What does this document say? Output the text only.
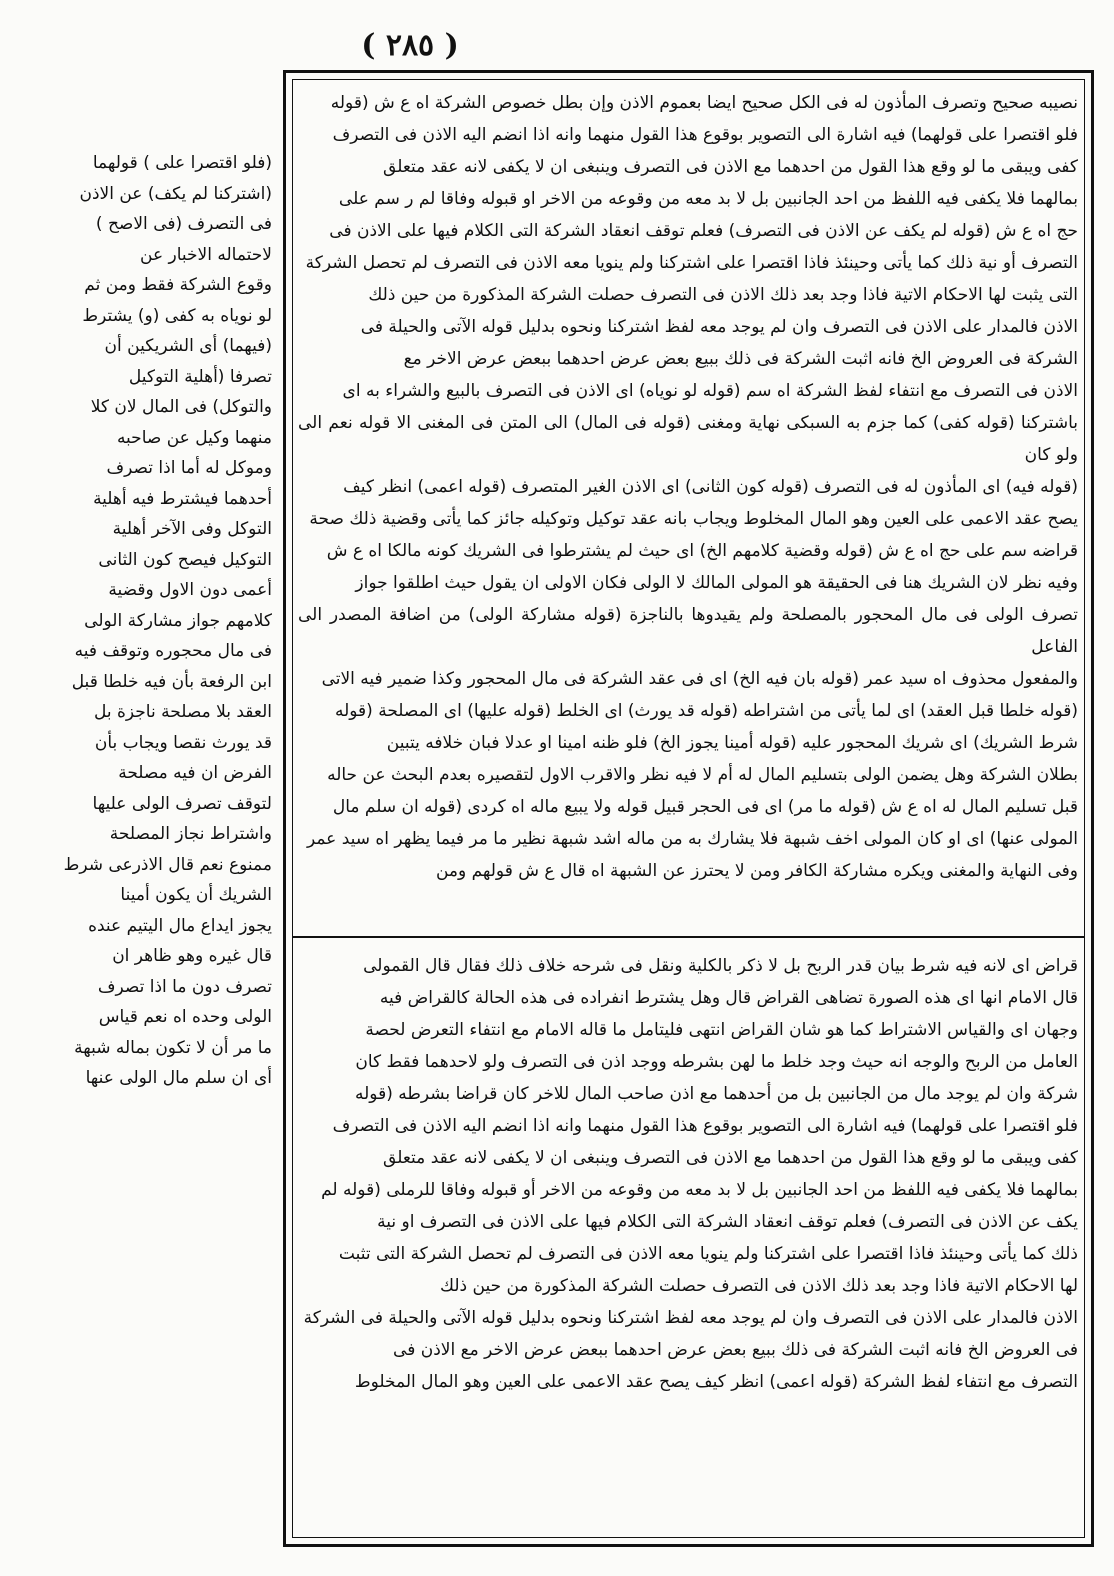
( ٢٨٥ )
(فلو اقتصرا على ) قولهما
(اشتركنا لم يكف) عن الاذن
فى التصرف (فى الاصح )
لاحتماله الاخبار عن
وقوع الشركة فقط ومن ثم
لو نوياه به كفى (و) يشترط
(فيهما) أى الشريكين أن
تصرفا (أهلية التوكيل
والتوكل) فى المال لان كلا
منهما وكيل عن صاحبه
وموكل له أما اذا تصرف
أحدهما فيشترط فيه أهلية
التوكل وفى الآخر أهلية
التوكيل فيصح كون الثانى
أعمى دون الاول وقضية
كلامهم جواز مشاركة الولى
فى مال محجوره وتوقف فيه
ابن الرفعة بأن فيه خلطا قبل
العقد بلا مصلحة ناجزة بل
قد يورث نقصا ويجاب بأن
الفرض ان فيه مصلحة
لتوقف تصرف الولى عليها
واشتراط نجاز المصلحة
ممنوع نعم قال الاذرعى شرط
الشريك أن يكون أمينا
يجوز ايداع مال اليتيم عنده
قال غيره وهو ظاهر ان
تصرف دون ما اذا تصرف
الولى وحده اه نعم قياس
ما مر أن لا تكون بماله شبهة
أى ان سلم مال الولى عنها
نصيبه صحيح وتصرف المأذون له فى الكل صحيح ايضا بعموم الاذن وإن بطل خصوص الشركة اه ع ش (قوله
فلو اقتصرا على قولهما) فيه اشارة الى التصوير بوقوع هذا القول منهما وانه اذا انضم اليه الاذن فى التصرف
كفى ويبقى ما لو وقع هذا القول من احدهما مع الاذن فى التصرف وينبغى ان لا يكفى لانه عقد متعلق
بمالهما فلا يكفى فيه اللفظ من احد الجانبين بل لا بد معه من وقوعه من الاخر او قبوله وفاقا لم ر سم على
حج اه ع ش (قوله لم يكف عن الاذن فى التصرف) فعلم توقف انعقاد الشركة التى الكلام فيها على الاذن فى
التصرف أو نية ذلك كما يأتى وحينئذ فاذا اقتصرا على اشتركنا ولم ينويا معه الاذن فى التصرف لم تحصل الشركة
التى يثبت لها الاحكام الاتية فاذا وجد بعد ذلك الاذن فى التصرف حصلت الشركة المذكورة من حين ذلك
الاذن فالمدار على الاذن فى التصرف وان لم يوجد معه لفظ اشتركنا ونحوه بدليل قوله الآتى والحيلة فى
الشركة فى العروض الخ فانه اثبت الشركة فى ذلك ببيع بعض عرض احدهما ببعض عرض الاخر مع
الاذن فى التصرف مع انتفاء لفظ الشركة اه سم (قوله لو نوياه) اى الاذن فى التصرف بالبيع والشراء به اى
باشتركنا (قوله كفى) كما جزم به السبكى نهاية ومغنى (قوله فى المال) الى المتن فى المغنى الا قوله نعم الى ولو كان
(قوله فيه) اى المأذون له فى التصرف (قوله كون الثانى) اى الاذن الغير المتصرف (قوله اعمى) انظر كيف
يصح عقد الاعمى على العين وهو المال المخلوط ويجاب بانه عقد توكيل وتوكيله جائز كما يأتى وقضية ذلك صحة
قراضه سم على حج اه ع ش (قوله وقضية كلامهم الخ) اى حيث لم يشترطوا فى الشريك كونه مالكا اه ع ش
وفيه نظر لان الشريك هنا فى الحقيقة هو المولى المالك لا الولى فكان الاولى ان يقول حيث اطلقوا جواز
تصرف الولى فى مال المحجور بالمصلحة ولم يقيدوها بالناجزة (قوله مشاركة الولى) من اضافة المصدر الى الفاعل
والمفعول محذوف اه سيد عمر (قوله بان فيه الخ) اى فى عقد الشركة فى مال المحجور وكذا ضمير فيه الاتى
(قوله خلطا قبل العقد) اى لما يأتى من اشتراطه (قوله قد يورث) اى الخلط (قوله عليها) اى المصلحة (قوله
شرط الشريك) اى شريك المحجور عليه (قوله أمينا يجوز الخ) فلو ظنه امينا او عدلا فبان خلافه يتبين
بطلان الشركة وهل يضمن الولى بتسليم المال له أم لا فيه نظر والاقرب الاول لتقصيره بعدم البحث عن حاله
قبل تسليم المال له اه ع ش (قوله ما مر) اى فى الحجر قبيل قوله ولا يبيع ماله اه كردى (قوله ان سلم مال
المولى عنها) اى او كان المولى اخف شبهة فلا يشارك به من ماله اشد شبهة نظير ما مر فيما يظهر اه سيد عمر
وفى النهاية والمغنى ويكره مشاركة الكافر ومن لا يحترز عن الشبهة اه قال ع ش قولهم ومن
قراض اى لانه فيه شرط بيان قدر الربح بل لا ذكر بالكلية ونقل فى شرحه خلاف ذلك فقال قال القمولى
قال الامام انها اى هذه الصورة تضاهى القراض قال وهل يشترط انفراده فى هذه الحالة كالقراض فيه
وجهان اى والقياس الاشتراط كما هو شان القراض انتهى فليتامل ما قاله الامام مع انتفاء التعرض لحصة
العامل من الربح والوجه انه حيث وجد خلط ما لهن بشرطه ووجد اذن فى التصرف ولو لاحدهما فقط كان
شركة وان لم يوجد مال من الجانبين بل من أحدهما مع اذن صاحب المال للاخر كان قراضا بشرطه (قوله
فلو اقتصرا على قولهما) فيه اشارة الى التصوير بوقوع هذا القول منهما وانه اذا انضم اليه الاذن فى التصرف
كفى ويبقى ما لو وقع هذا القول من احدهما مع الاذن فى التصرف وينبغى ان لا يكفى لانه عقد متعلق
بمالهما فلا يكفى فيه اللفظ من احد الجانبين بل لا بد معه من وقوعه من الاخر أو قبوله وفاقا للرملى (قوله لم
يكف عن الاذن فى التصرف) فعلم توقف انعقاد الشركة التى الكلام فيها على الاذن فى التصرف او نية
ذلك كما يأتى وحينئذ فاذا اقتصرا على اشتركنا ولم ينويا معه الاذن فى التصرف لم تحصل الشركة التى تثبت
لها الاحكام الاتية فاذا وجد بعد ذلك الاذن فى التصرف حصلت الشركة المذكورة من حين ذلك
الاذن فالمدار على الاذن فى التصرف وان لم يوجد معه لفظ اشتركنا ونحوه بدليل قوله الآتى والحيلة فى الشركة
فى العروض الخ فانه اثبت الشركة فى ذلك ببيع بعض عرض احدهما ببعض عرض الاخر مع الاذن فى
التصرف مع انتفاء لفظ الشركة (قوله اعمى) انظر كيف يصح عقد الاعمى على العين وهو المال المخلوط
